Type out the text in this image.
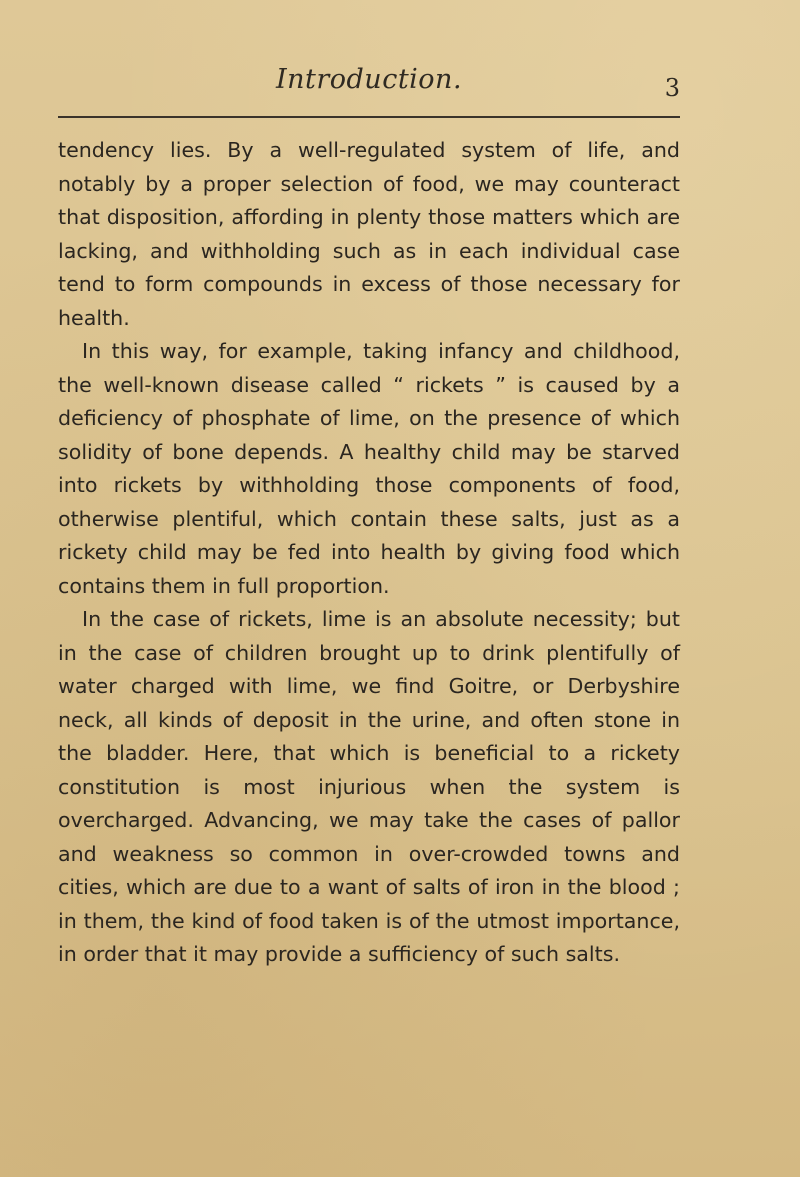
Introduction.	3

tendency lies. By a well-regulated system of life, and notably by a proper selection of food, we may counteract that disposition, affording in plenty those matters which are lacking, and withholding such as in each individual case tend to form compounds in excess of those necessary for health.

In this way, for example, taking infancy and childhood, the well-known disease called “ rickets ” is caused by a deficiency of phosphate of lime, on the presence of which solidity of bone depends. A healthy child may be starved into rickets by withholding those components of food, otherwise plentiful, which contain these salts, just as a rickety child may be fed into health by giving food which contains them in full proportion.

In the case of rickets, lime is an absolute necessity; but in the case of children brought up to drink plentifully of water charged with lime, we find Goitre, or Derbyshire neck, all kinds of deposit in the urine, and often stone in the bladder. Here, that which is beneficial to a rickety constitution is most injurious when the system is overcharged. Advancing, we may take the cases of pallor and weakness so common in over-crowded towns and cities, which are due to a want of salts of iron in the blood ; in them, the kind of food taken is of the utmost importance, in order that it may provide a sufficiency of such salts.
